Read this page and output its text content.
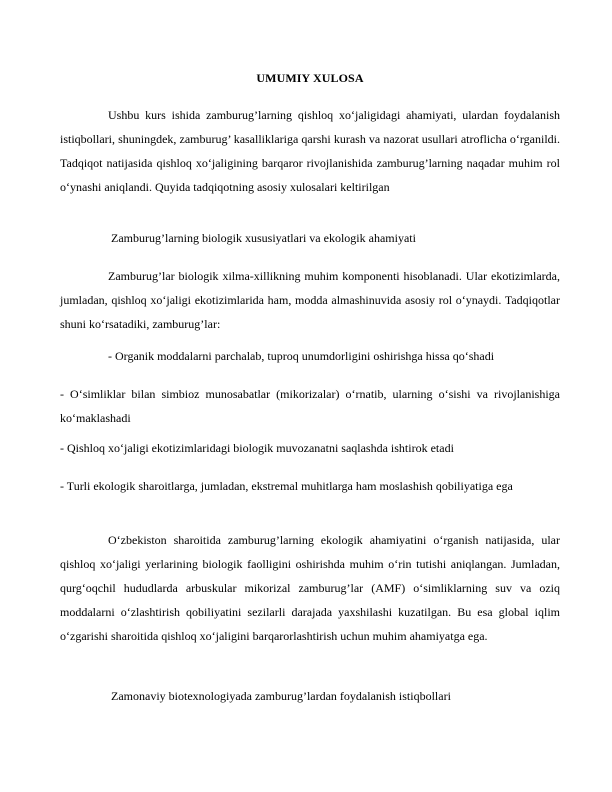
UMUMIY XULOSA

Ushbu kurs ishida zamburug’larning qishloq xo‘jaligidagi ahamiyati, ulardan foydalanish istiqbollari, shuningdek, zamburug’ kasalliklariga qarshi kurash va nazorat usullari atroflicha o‘rganildi. Tadqiqot natijasida qishloq xo‘jaligining barqaror rivojlanishida zamburug’larning naqadar muhim rol o‘ynashi aniqlandi. Quyida tadqiqotning asosiy xulosalari keltirilgan

Zamburug’larning biologik xususiyatlari va ekologik ahamiyati

Zamburug’lar biologik xilma-xillikning muhim komponenti hisoblanadi. Ular ekotizimlarda, jumladan, qishloq xo‘jaligi ekotizimlarida ham, modda almashinuvida asosiy rol o‘ynaydi. Tadqiqotlar shuni ko‘rsatadiki, zamburug’lar:

- Organik moddalarni parchalab, tuproq unumdorligini oshirishga hissa qo‘shadi

- O‘simliklar bilan simbioz munosabatlar (mikorizalar) o‘rnatib, ularning o‘sishi va rivojlanishiga ko‘maklashadi

- Qishloq xo‘jaligi ekotizimlaridagi biologik muvozanatni saqlashda ishtirok etadi

- Turli ekologik sharoitlarga, jumladan, ekstremal muhitlarga ham moslashish qobiliyatiga ega

O‘zbekiston sharoitida zamburug’larning ekologik ahamiyatini o‘rganish natijasida, ular qishloq xo‘jaligi yerlarining biologik faolligini oshirishda muhim o‘rin tutishi aniqlangan. Jumladan, qurg‘oqchil hududlarda arbuskular mikorizal zamburug’lar (AMF) o‘simliklarning suv va oziq moddalarni o‘zlashtirish qobiliyatini sezilarli darajada yaxshilashi kuzatilgan. Bu esa global iqlim o‘zgarishi sharoitida qishloq xo‘jaligini barqarorlashtirish uchun muhim ahamiyatga ega.

Zamonaviy biotexnologiyada zamburug’lardan foydalanish istiqbollari
